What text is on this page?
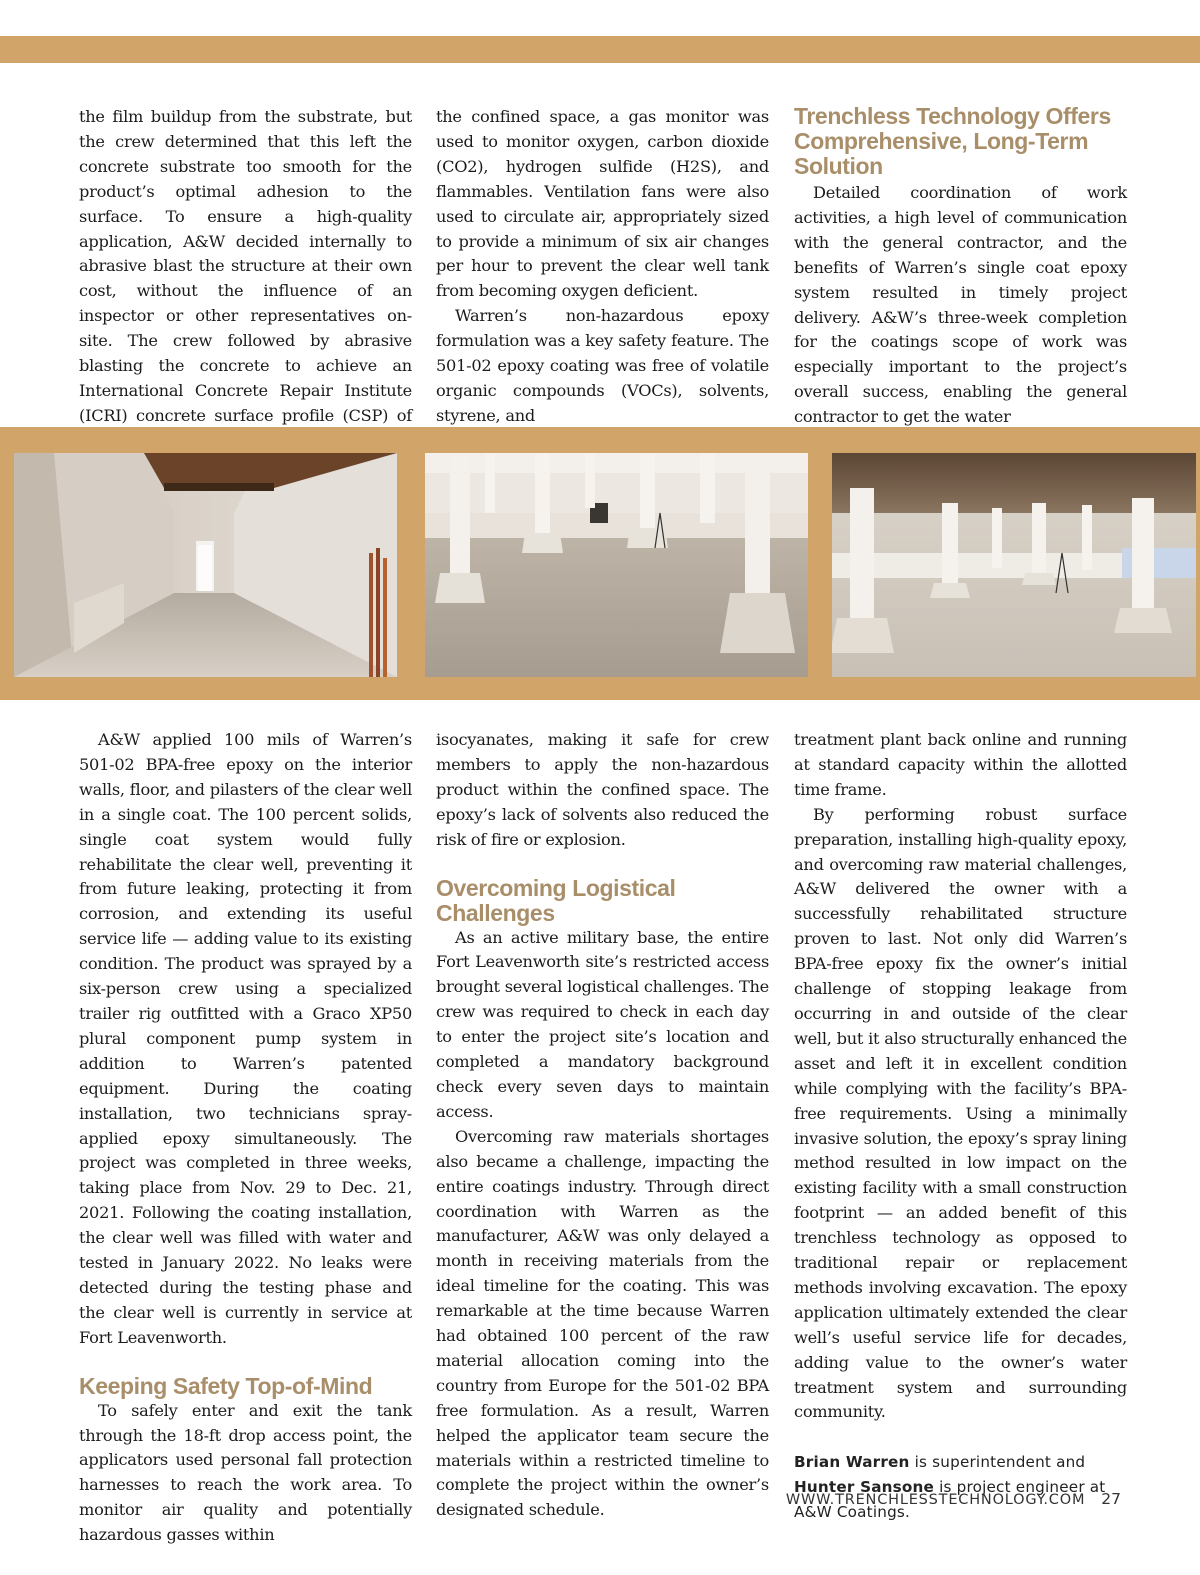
the film buildup from the substrate, but the crew determined that this left the concrete substrate too smooth for the product’s optimal adhesion to the surface. To ensure a high-quality application, A&W decided internally to abrasive blast the structure at their own cost, without the influence of an inspector or other representatives on-site. The crew followed by abrasive blasting the concrete to achieve an International Concrete Repair Institute (ICRI) concrete surface profile (CSP) of

the confined space, a gas monitor was used to monitor oxygen, carbon dioxide (CO2), hydrogen sulfide (H2S), and flammables. Ventilation fans were also used to circulate air, appropriately sized to provide a minimum of six air changes per hour to prevent the clear well tank from becoming oxygen deficient.

Warren’s non-hazardous epoxy formulation was a key safety feature. The 501-02 epoxy coating was free of volatile organic compounds (VOCs), solvents, styrene, and

Trenchless Technology Offers Comprehensive, Long-Term Solution

Detailed coordination of work activities, a high level of communication with the general contractor, and the benefits of Warren’s single coat epoxy system resulted in timely project delivery. A&W’s three-week completion for the coatings scope of work was especially important to the project’s overall success, enabling the general contractor to get the water

A&W applied 100 mils of Warren’s 501-02 BPA-free epoxy on the interior walls, floor, and pilasters of the clear well in a single coat. The 100 percent solids, single coat system would fully rehabilitate the clear well, preventing it from future leaking, protecting it from corrosion, and extending its useful service life — adding value to its existing condition. The product was sprayed by a six-person crew using a specialized trailer rig outfitted with a Graco XP50 plural component pump system in addition to Warren’s patented equipment. During the coating installation, two technicians spray-applied epoxy simultaneously. The project was completed in three weeks, taking place from Nov. 29 to Dec. 21, 2021. Following the coating installation, the clear well was filled with water and tested in January 2022. No leaks were detected during the testing phase and the clear well is currently in service at Fort Leavenworth.

Keeping Safety Top-of-Mind

To safely enter and exit the tank through the 18-ft drop access point, the applicators used personal fall protection harnesses to reach the work area. To monitor air quality and potentially hazardous gasses within

isocyanates, making it safe for crew members to apply the non-hazardous product within the confined space. The epoxy’s lack of solvents also reduced the risk of fire or explosion.

Overcoming Logistical Challenges

As an active military base, the entire Fort Leavenworth site’s restricted access brought several logistical challenges. The crew was required to check in each day to enter the project site’s location and completed a mandatory background check every seven days to maintain access.

Overcoming raw materials shortages also became a challenge, impacting the entire coatings industry. Through direct coordination with Warren as the manufacturer, A&W was only delayed a month in receiving materials from the ideal timeline for the coating. This was remarkable at the time because Warren had obtained 100 percent of the raw material allocation coming into the country from Europe for the 501-02 BPA free formulation. As a result, Warren helped the applicator team secure the materials within a restricted timeline to complete the project within the owner’s designated schedule.

treatment plant back online and running at standard capacity within the allotted time frame.

By performing robust surface preparation, installing high-quality epoxy, and overcoming raw material challenges, A&W delivered the owner with a successfully rehabilitated structure proven to last. Not only did Warren’s BPA-free epoxy fix the owner’s initial challenge of stopping leakage from occurring in and outside of the clear well, but it also structurally enhanced the asset and left it in excellent condition while complying with the facility’s BPA-free requirements. Using a minimally invasive solution, the epoxy’s spray lining method resulted in low impact on the existing facility with a small construction footprint — an added benefit of this trenchless technology as opposed to traditional repair or replacement methods involving excavation. The epoxy application ultimately extended the clear well’s useful service life for decades, adding value to the owner’s water treatment system and surrounding community.

Brian Warren is superintendent and Hunter Sansone is project engineer at A&W Coatings.

WWW.TRENCHLESSTECHNOLOGY.COM 27
